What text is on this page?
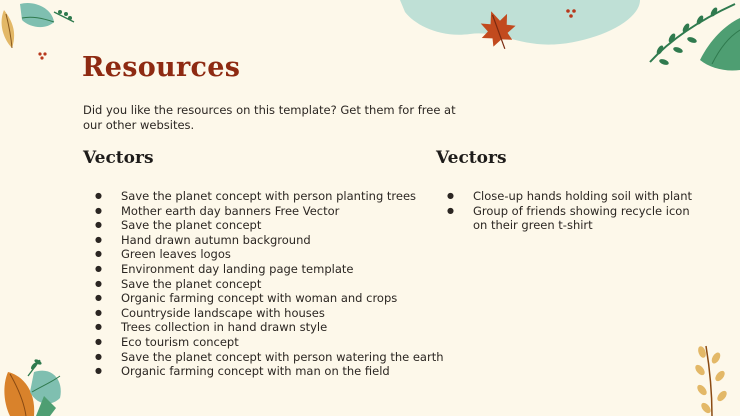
Resources
Did you like the resources on this template? Get them for free at our other websites.
Vectors
● Save the planet concept with person planting trees
● Mother earth day banners Free Vector
● Save the planet concept
● Hand drawn autumn background
● Green leaves logos
● Environment day landing page template
● Save the planet concept
● Organic farming concept with woman and crops
● Countryside landscape with houses
● Trees collection in hand drawn style
● Eco tourism concept
● Save the planet concept with person watering the earth
● Organic farming concept with man on the field
Vectors
● Close-up hands holding soil with plant
● Group of friends showing recycle icon on their green t-shirt
